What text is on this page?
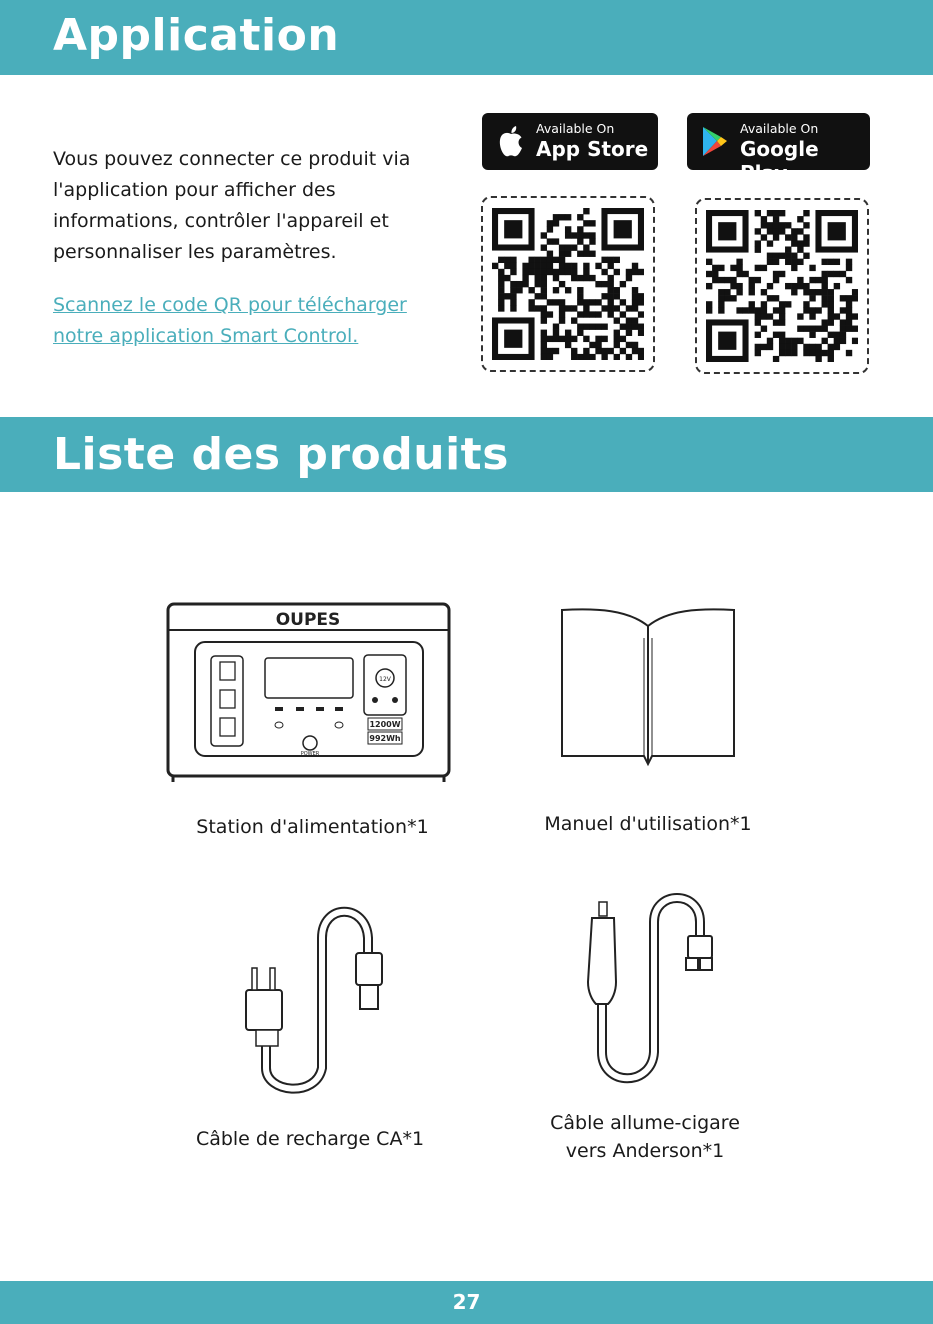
Application
Vous pouvez connecter ce produit via l'application pour afficher des informations, contrôler l'appareil et personnaliser les paramètres.
Scannez le code QR pour télécharger notre application Smart Control.
Available On
App Store
Available On
Google Play
Liste des produits
OUPES
12V
POWER
1200W
992Wh
Station d'alimentation*1	Manuel d'utilisation*1
Câble de recharge CA*1
Câble allume-cigare
vers Anderson*1
27
